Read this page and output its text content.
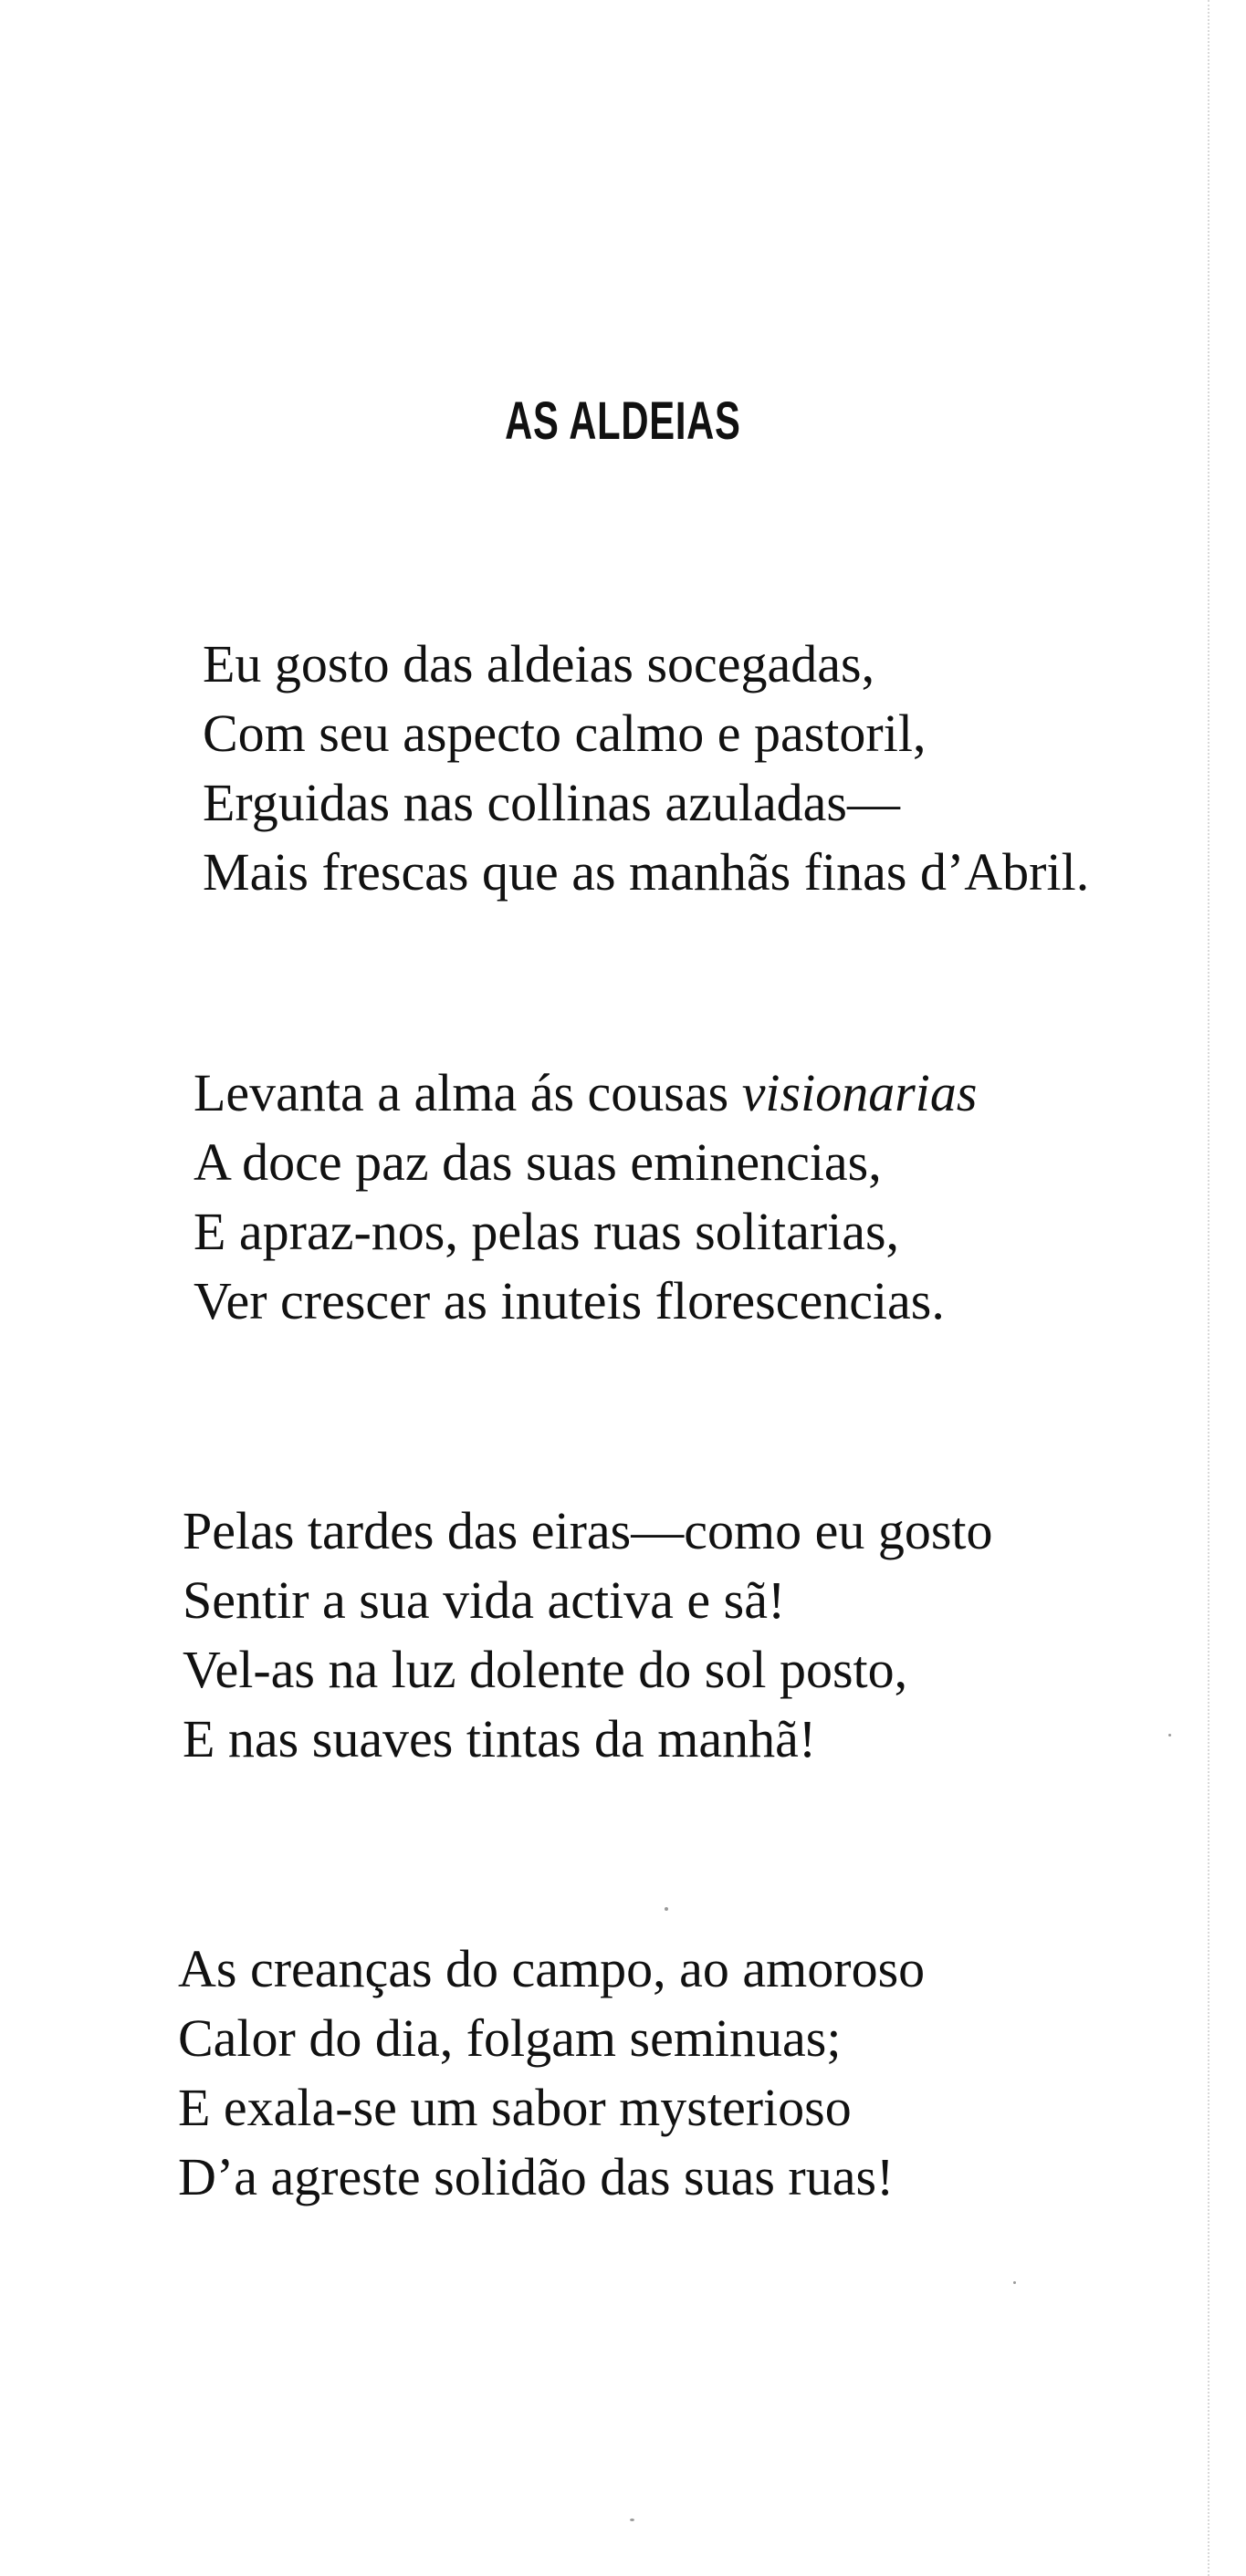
AS ALDEIAS
Eu gosto das aldeias socegadas,
Com seu aspecto calmo e pastoril,
Erguidas nas collinas azuladas—
Mais frescas que as manhãs finas d’Abril.
Levanta a alma ás cousas visionarias
A doce paz das suas eminencias,
E apraz-nos, pelas ruas solitarias,
Ver crescer as inuteis florescencias.
Pelas tardes das eiras—como eu gosto
Sentir a sua vida activa e sã!
Vel-as na luz dolente do sol posto,
E nas suaves tintas da manhã!
As creanças do campo, ao amoroso
Calor do dia, folgam seminuas;
E exala-se um sabor mysterioso
D’a agreste solidão das suas ruas!
